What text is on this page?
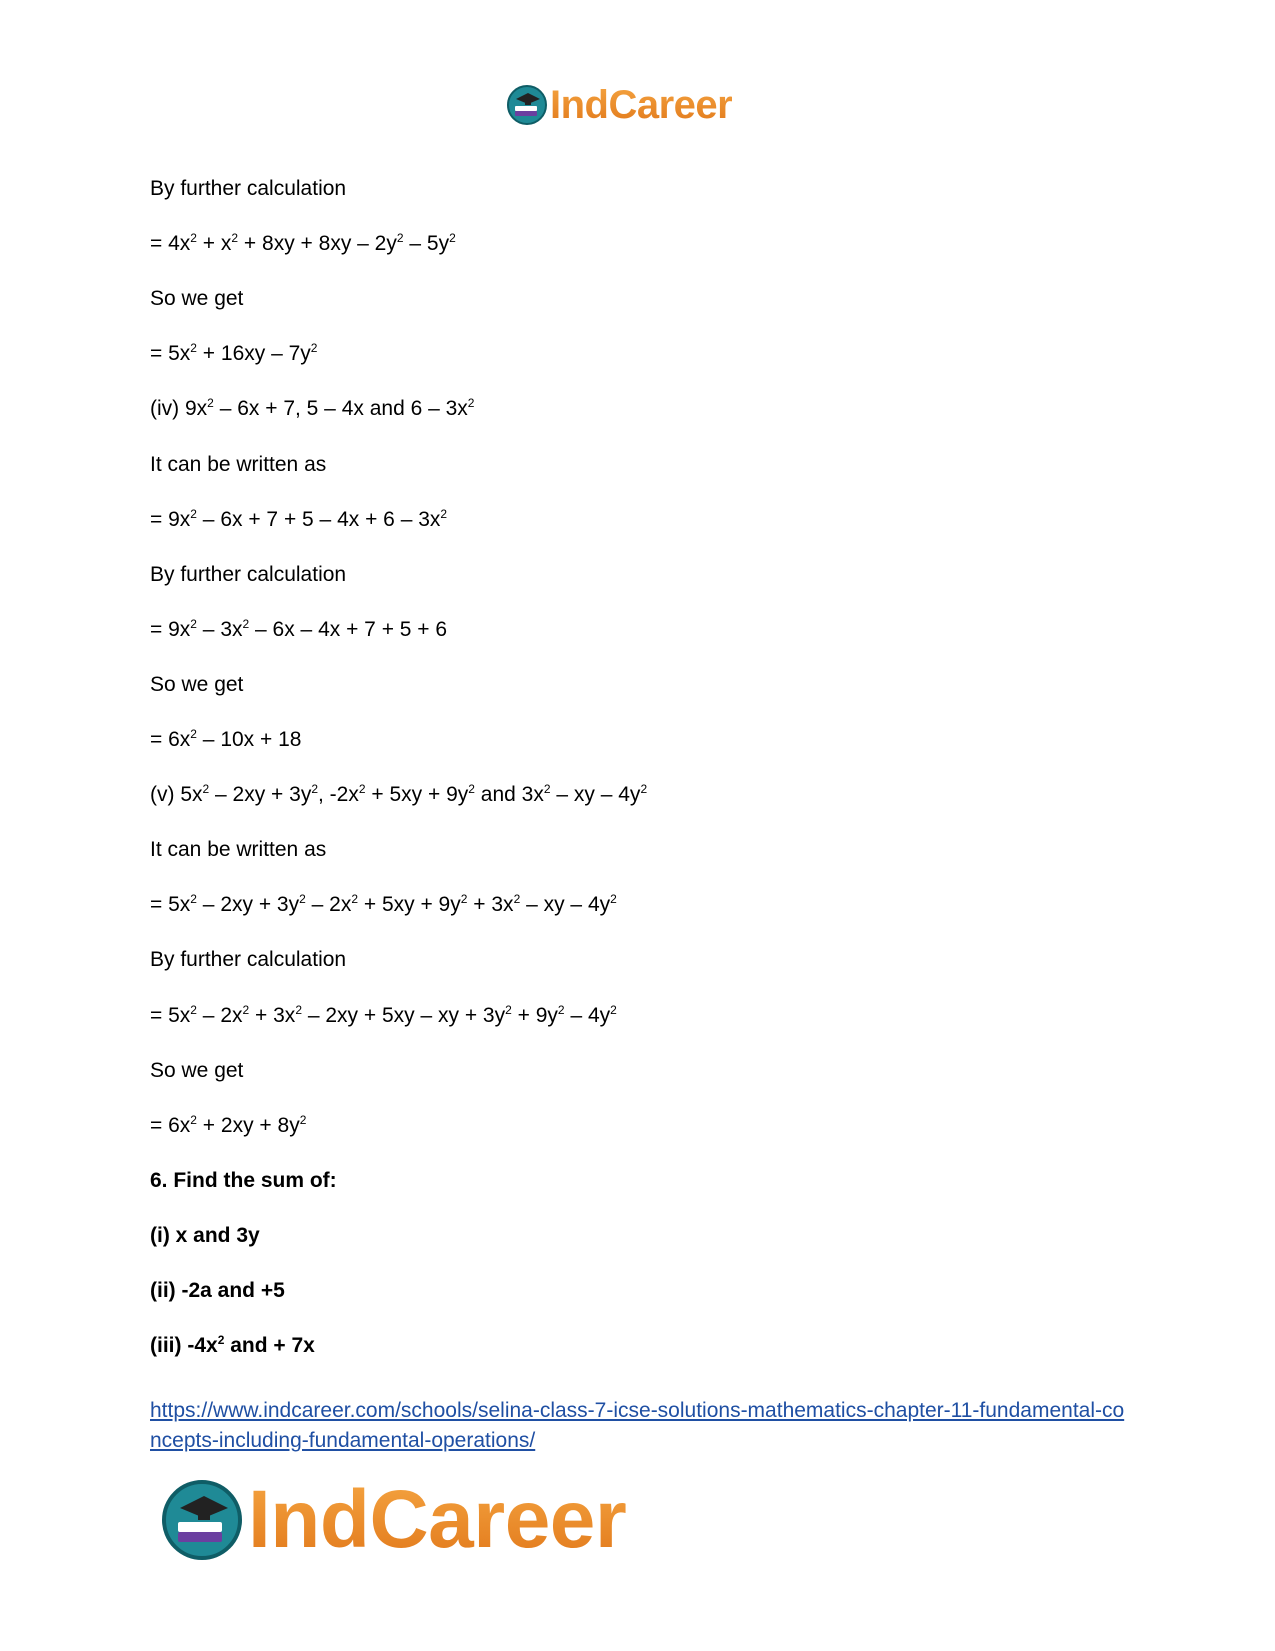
IndCareer
By further calculation
= $4x^2 + x^2 + 8xy + 8xy - 2y^2 - 5y^2$
So we get
= $5x^2 + 16xy - 7y^2$
(iv) $9x^2 - 6x + 7$, 5 – 4x and $6 - 3x^2$
It can be written as
= $9x^2 - 6x + 7 + 5 - 4x + 6 - 3x^2$
By further calculation
= $9x^2 - 3x^2 - 6x - 4x + 7 + 5 + 6$
So we get
= $6x^2 - 10x + 18$
(v) $5x^2 - 2xy + 3y^2$, $-2x^2 + 5xy + 9y^2$ and $3x^2$ – xy – $4y^2$
It can be written as
= $5x^2 - 2xy + 3y^2 - 2x^2 + 5xy + 9y^2 + 3x^2$ – xy – $4y^2$
By further calculation
= $5x^2 - 2x^2 + 3x^2 - 2xy + 5xy$ – xy + $3y^2 + 9y^2 - 4y^2$
So we get
= $6x^2 + 2xy + 8y^2$
6. Find the sum of:
(i) x and 3y
(ii) -2a and +5
(iii) $-4x^2$ and + 7x
https://www.indcareer.com/schools/selina-class-7-icse-solutions-mathematics-chapter-11-fundamental-concepts-including-fundamental-operations/
IndCareer
